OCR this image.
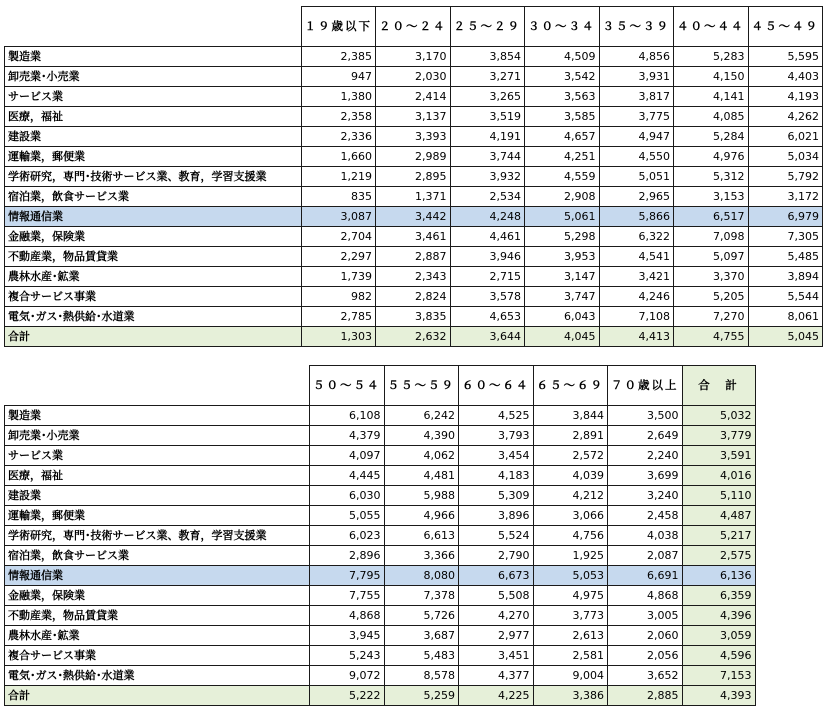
	１９歳以下	２０～２４	２５～２９	３０～３４	３５～３９	４０～４４	４５～４９
製造業	2,385	3,170	3,854	4,509	4,856	5,283	5,595
卸売業･小売業	947	2,030	3,271	3,542	3,931	4,150	4,403
サービス業	1,380	2,414	3,265	3,563	3,817	4,141	4,193
医療，福祉	2,358	3,137	3,519	3,585	3,775	4,085	4,262
建設業	2,336	3,393	4,191	4,657	4,947	5,284	6,021
運輸業，郵便業	1,660	2,989	3,744	4,251	4,550	4,976	5,034
学術研究，専門･技術サービス業、教育，学習支援業	1,219	2,895	3,932	4,559	5,051	5,312	5,792
宿泊業，飲食サービス業	835	1,371	2,534	2,908	2,965	3,153	3,172
情報通信業	3,087	3,442	4,248	5,061	5,866	6,517	6,979
金融業，保険業	2,704	3,461	4,461	5,298	6,322	7,098	7,305
不動産業，物品賃貸業	2,297	2,887	3,946	3,953	4,541	5,097	5,485
農林水産･鉱業	1,739	2,343	2,715	3,147	3,421	3,370	3,894
複合サービス事業	982	2,824	3,578	3,747	4,246	5,205	5,544
電気･ガス･熱供給･水道業	2,785	3,835	4,653	6,043	7,108	7,270	8,061
合計	1,303	2,632	3,644	4,045	4,413	4,755	5,045
	５０～５４	５５～５９	６０～６４	６５～６９	７０歳以上	合　計
製造業	6,108	6,242	4,525	3,844	3,500	5,032
卸売業･小売業	4,379	4,390	3,793	2,891	2,649	3,779
サービス業	4,097	4,062	3,454	2,572	2,240	3,591
医療，福祉	4,445	4,481	4,183	4,039	3,699	4,016
建設業	6,030	5,988	5,309	4,212	3,240	5,110
運輸業，郵便業	5,055	4,966	3,896	3,066	2,458	4,487
学術研究，専門･技術サービス業、教育，学習支援業	6,023	6,613	5,524	4,756	4,038	5,217
宿泊業，飲食サービス業	2,896	3,366	2,790	1,925	2,087	2,575
情報通信業	7,795	8,080	6,673	5,053	6,691	6,136
金融業，保険業	7,755	7,378	5,508	4,975	4,868	6,359
不動産業，物品賃貸業	4,868	5,726	4,270	3,773	3,005	4,396
農林水産･鉱業	3,945	3,687	2,977	2,613	2,060	3,059
複合サービス事業	5,243	5,483	3,451	2,581	2,056	4,596
電気･ガス･熱供給･水道業	9,072	8,578	4,377	9,004	3,652	7,153
合計	5,222	5,259	4,225	3,386	2,885	4,393
